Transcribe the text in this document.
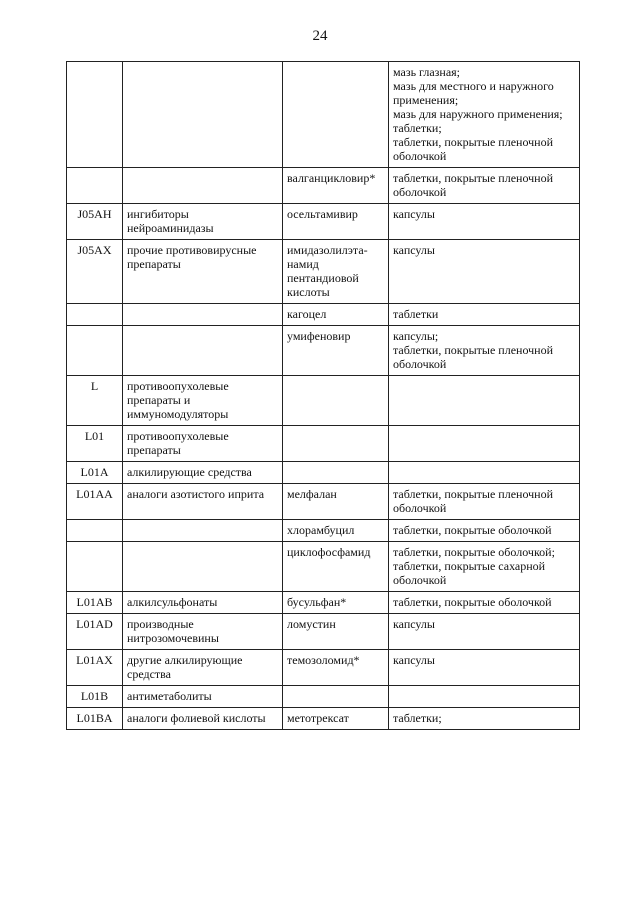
24
			мазь глазная;
мазь для местного и наружного применения;
мазь для наружного применения;
таблетки;
таблетки, покрытые пленочной оболочкой
		валганцикловир*	таблетки, покрытые пленочной оболочкой
J05AH	ингибиторы нейроаминидазы	осельтамивир	капсулы
J05AX	прочие противовирусные препараты	имидазолилэта-
намид
пентандиовой
кислоты	капсулы
		кагоцел	таблетки
		умифеновир	капсулы;
таблетки, покрытые пленочной оболочкой
L	противоопухолевые препараты и иммуномодуляторы		
L01	противоопухолевые препараты		
L01A	алкилирующие средства		
L01AA	аналоги азотистого иприта	мелфалан	таблетки, покрытые пленочной оболочкой
		хлорамбуцил	таблетки, покрытые оболочкой
		циклофосфамид	таблетки, покрытые оболочкой;
таблетки, покрытые сахарной оболочкой
L01AB	алкилсульфонаты	бусульфан*	таблетки, покрытые оболочкой
L01AD	производные нитрозомочевины	ломустин	капсулы
L01AX	другие алкилирующие средства	темозоломид*	капсулы
L01B	антиметаболиты		
L01BA	аналоги фолиевой кислоты	метотрексат	таблетки;
